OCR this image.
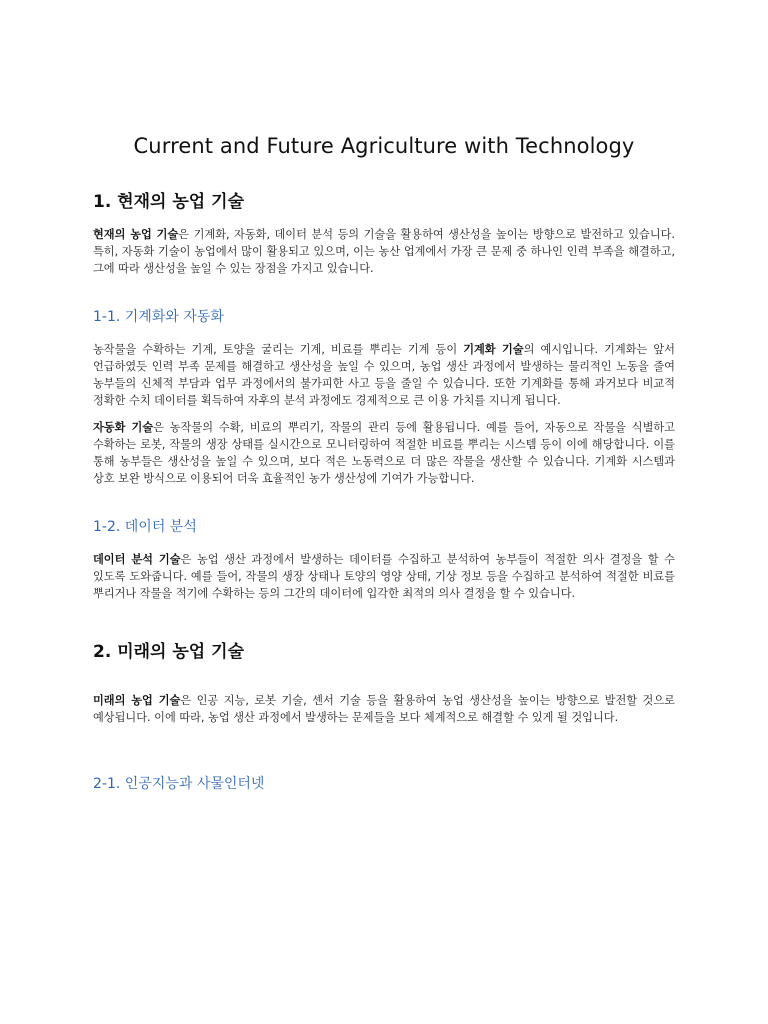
Current and Future Agriculture with Technology
1. 현재의 농업 기술

현재의 농업 기술은 기계화, 자동화, 데이터 분석 등의 기술을 활용하여 생산성을 높이는 방향으로 발전하고 있습니다. 특히, 자동화 기술이 농업에서 많이 활용되고 있으며, 이는 농산 업계에서 가장 큰 문제 중 하나인 인력 부족을 해결하고, 그에 따라 생산성을 높일 수 있는 장점을 가지고 있습니다.

1-1. 기계화와 자동화

농작물을 수확하는 기계, 토양을 굴리는 기계, 비료를 뿌리는 기계 등이 기계화 기술의 예시입니다. 기계화는 앞서 언급하였듯 인력 부족 문제를 해결하고 생산성을 높일 수 있으며, 농업 생산 과정에서 발생하는 물리적인 노동을 줄여 농부들의 신체적 부담과 업무 과정에서의 불가피한 사고 등을 줄일 수 있습니다. 또한 기계화를 통해 과거보다 비교적 정확한 수치 데이터를 획득하여 자후의 분석 과정에도 경제적으로 큰 이용 가치를 지니게 됩니다.

자동화 기술은 농작물의 수확, 비료의 뿌리기, 작물의 관리 등에 활용됩니다. 예를 들어, 자동으로 작물을 식별하고 수확하는 로봇, 작물의 생장 상태를 실시간으로 모니터링하여 적절한 비료를 뿌리는 시스템 등이 이에 해당합니다. 이를 통해 농부들은 생산성을 높일 수 있으며, 보다 적은 노동력으로 더 많은 작물을 생산할 수 있습니다. 기계화 시스템과 상호 보완 방식으로 이용되어 더욱 효율적인 농가 생산성에 기여가 가능합니다.

1-2. 데이터 분석

데이터 분석 기술은 농업 생산 과정에서 발생하는 데이터를 수집하고 분석하여 농부들이 적절한 의사 결정을 할 수 있도록 도와줍니다. 예를 들어, 작물의 생장 상태나 토양의 영양 상태, 기상 정보 등을 수집하고 분석하여 적절한 비료를 뿌리거나 작물을 적기에 수확하는 등의 그간의 데이터에 입각한 최적의 의사 결정을 할 수 있습니다.

2. 미래의 농업 기술

미래의 농업 기술은 인공 지능, 로봇 기술, 센서 기술 등을 활용하여 농업 생산성을 높이는 방향으로 발전할 것으로 예상됩니다. 이에 따라, 농업 생산 과정에서 발생하는 문제들을 보다 체계적으로 해결할 수 있게 될 것입니다.

2-1. 인공지능과 사물인터넷
